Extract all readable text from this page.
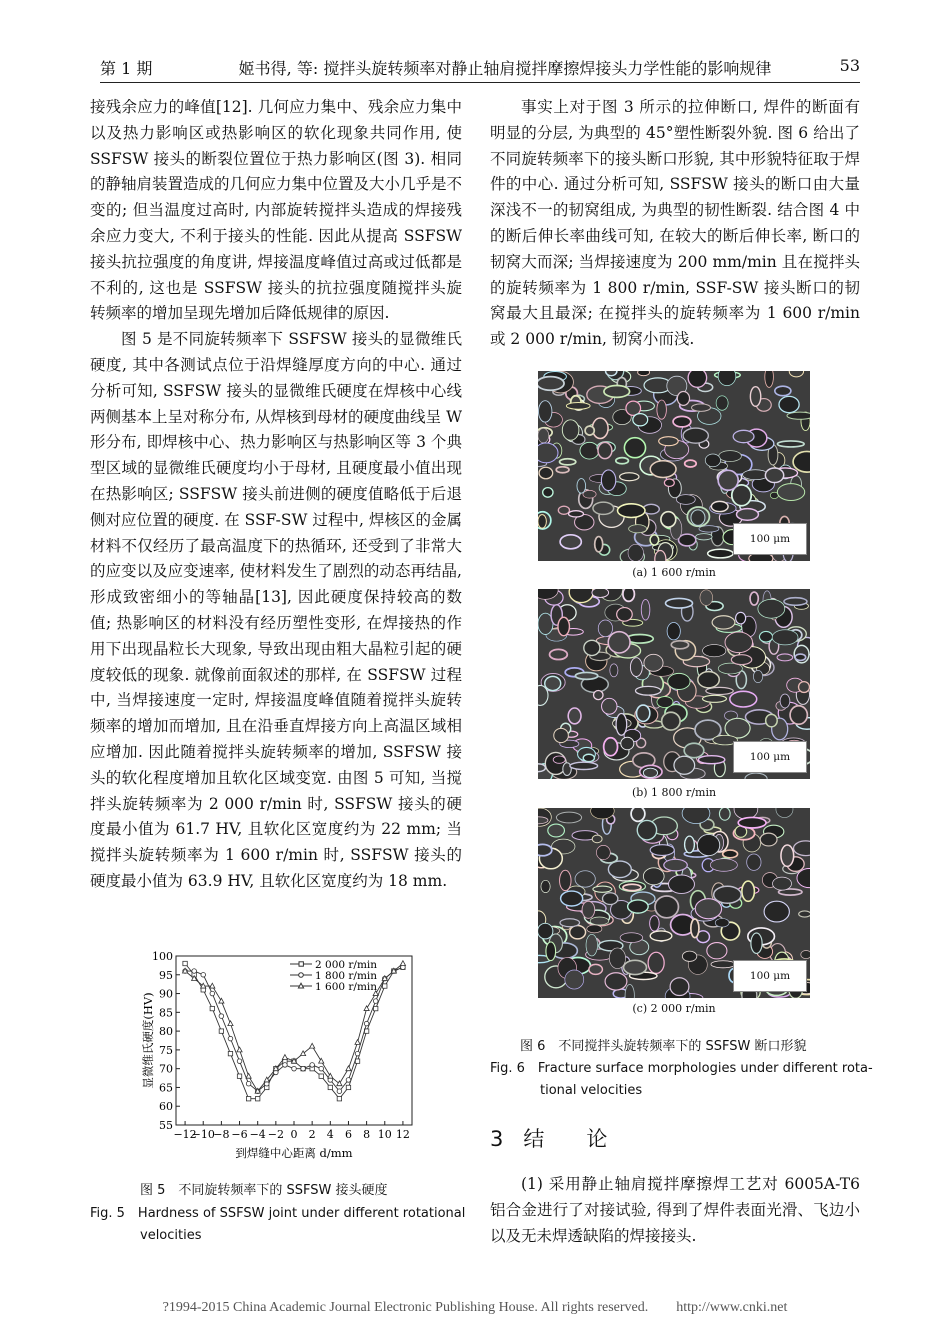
第 1 期	姬书得, 等: 搅拌头旋转频率对静止轴肩搅拌摩擦焊接头力学性能的影响规律	53

接残余应力的峰值[12]. 几何应力集中、残余应力集中以及热力影响区或热影响区的软化现象共同作用, 使 SSFSW 接头的断裂位置位于热力影响区(图 3). 相同的静轴肩装置造成的几何应力集中位置及大小几乎是不变的; 但当温度过高时, 内部旋转搅拌头造成的焊接残余应力变大, 不利于接头的性能. 因此从提高 SSFSW 接头抗拉强度的角度讲, 焊接温度峰值过高或过低都是不利的, 这也是 SSFSW 接头的抗拉强度随搅拌头旋转频率的增加呈现先增加后降低规律的原因.

图 5 是不同旋转频率下 SSFSW 接头的显微维氏硬度, 其中各测试点位于沿焊缝厚度方向的中心. 通过分析可知, SSFSW 接头的显微维氏硬度在焊核中心线两侧基本上呈对称分布, 从焊核到母材的硬度曲线呈 W 形分布, 即焊核中心、热力影响区与热影响区等 3 个典型区域的显微维氏硬度均小于母材, 且硬度最小值出现在热影响区; SSFSW 接头前进侧的硬度值略低于后退侧对应位置的硬度. 在 SSF-SW 过程中, 焊核区的金属材料不仅经历了最高温度下的热循环, 还受到了非常大的应变以及应变速率, 使材料发生了剧烈的动态再结晶, 形成致密细小的等轴晶[13], 因此硬度保持较高的数值; 热影响区的材料没有经历塑性变形, 在焊接热的作用下出现晶粒长大现象, 导致出现由粗大晶粒引起的硬度较低的现象. 就像前面叙述的那样, 在 SSFSW 过程中, 当焊接速度一定时, 焊接温度峰值随着搅拌头旋转频率的增加而增加, 且在沿垂直焊接方向上高温区域相应增加. 因此随着搅拌头旋转频率的增加, SSFSW 接头的软化程度增加且软化区域变宽. 由图 5 可知, 当搅拌头旋转频率为 2 000 r/min 时, SSFSW 接头的硬度最小值为 61.7 HV, 且软化区宽度约为 22 mm; 当搅拌头旋转频率为 1 600 r/min 时, SSFSW 接头的硬度最小值为 63.9 HV, 且软化区宽度约为 18 mm.

事实上对于图 3 所示的拉伸断口, 焊件的断面有明显的分层, 为典型的 45°塑性断裂外貌. 图 6 给出了不同旋转频率下的接头断口形貌, 其中形貌特征取于焊件的中心. 通过分析可知, SSFSW 接头的断口由大量深浅不一的韧窝组成, 为典型的韧性断裂. 结合图 4 中的断后伸长率曲线可知, 在较大的断后伸长率, 断口的韧窝大而深; 当焊接速度为 200 mm/min 且在搅拌头的旋转频率为 1 800 r/min, SSF-SW 接头断口的韧窝最大且最深; 在搅拌头的旋转频率为 1 600 r/min 或 2 000 r/min, 韧窝小而浅.

55
60
65
70
75
80
85
90
95
100
−12
−10
−8 −6 −4 −2 0 2 4 6 8 10 12
到焊缝中心距离 d/mm
显微维氏硬度(HV)
2 000 r/min
1 800 r/min
1 600 r/min
图 5　不同旋转频率下的 SSFSW 接头硬度
Fig. 5　Hardness of SSFSW joint under different rotational
velocities
100 μm
(a) 1 600 r/min
100 μm
(b) 1 800 r/min
100 μm
(c) 2 000 r/min
图 6　不同搅拌头旋转频率下的 SSFSW 断口形貌
Fig. 6　Fracture surface morphologies under different rota-
tional velocities
3 结　　论

(1) 采用静止轴肩搅拌摩擦焊工艺对 6005A-T6 铝合金进行了对接试验, 得到了焊件表面光滑、飞边小以及无未焊透缺陷的焊接接头.

?1994-2015 China Academic Journal Electronic Publishing House. All rights reserved.　　http://www.cnki.net
